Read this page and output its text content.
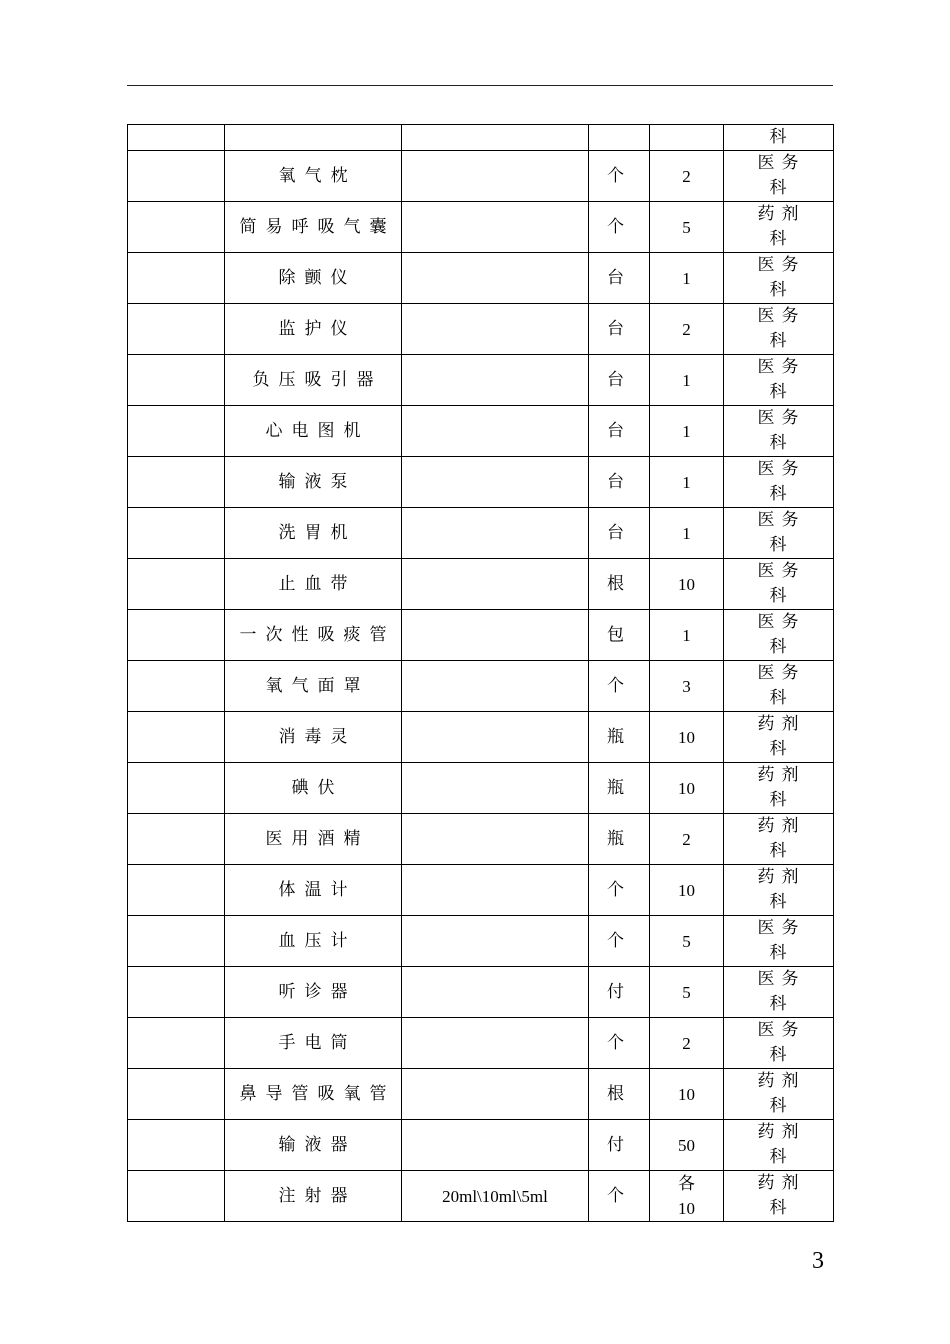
					科
	氧气枕		个	2	医务
科

	简易呼吸气囊		个	5	药剂
科

	除颤仪		台	1	医务
科

	监护仪		台	2	医务
科

	负压吸引器		台	1	医务
科

	心电图机		台	1	医务
科

	输液泵		台	1	医务
科

	洗胃机		台	1	医务
科

	止血带		根	10	医务
科

	一次性吸痰管		包	1	医务
科

	氧气面罩		个	3	医务
科

	消毒灵		瓶	10	药剂
科

	碘伏		瓶	10	药剂
科

	医用酒精		瓶	2	药剂
科

	体温计		个	10	药剂
科

	血压计		个	5	医务
科

	听诊器		付	5	医务
科

	手电筒		个	2	医务
科

	鼻导管吸氧管		根	10	药剂
科

	输液器		付	50	药剂
科

	注射器	20ml\10ml\5ml	个	各
10	药剂
科
3
